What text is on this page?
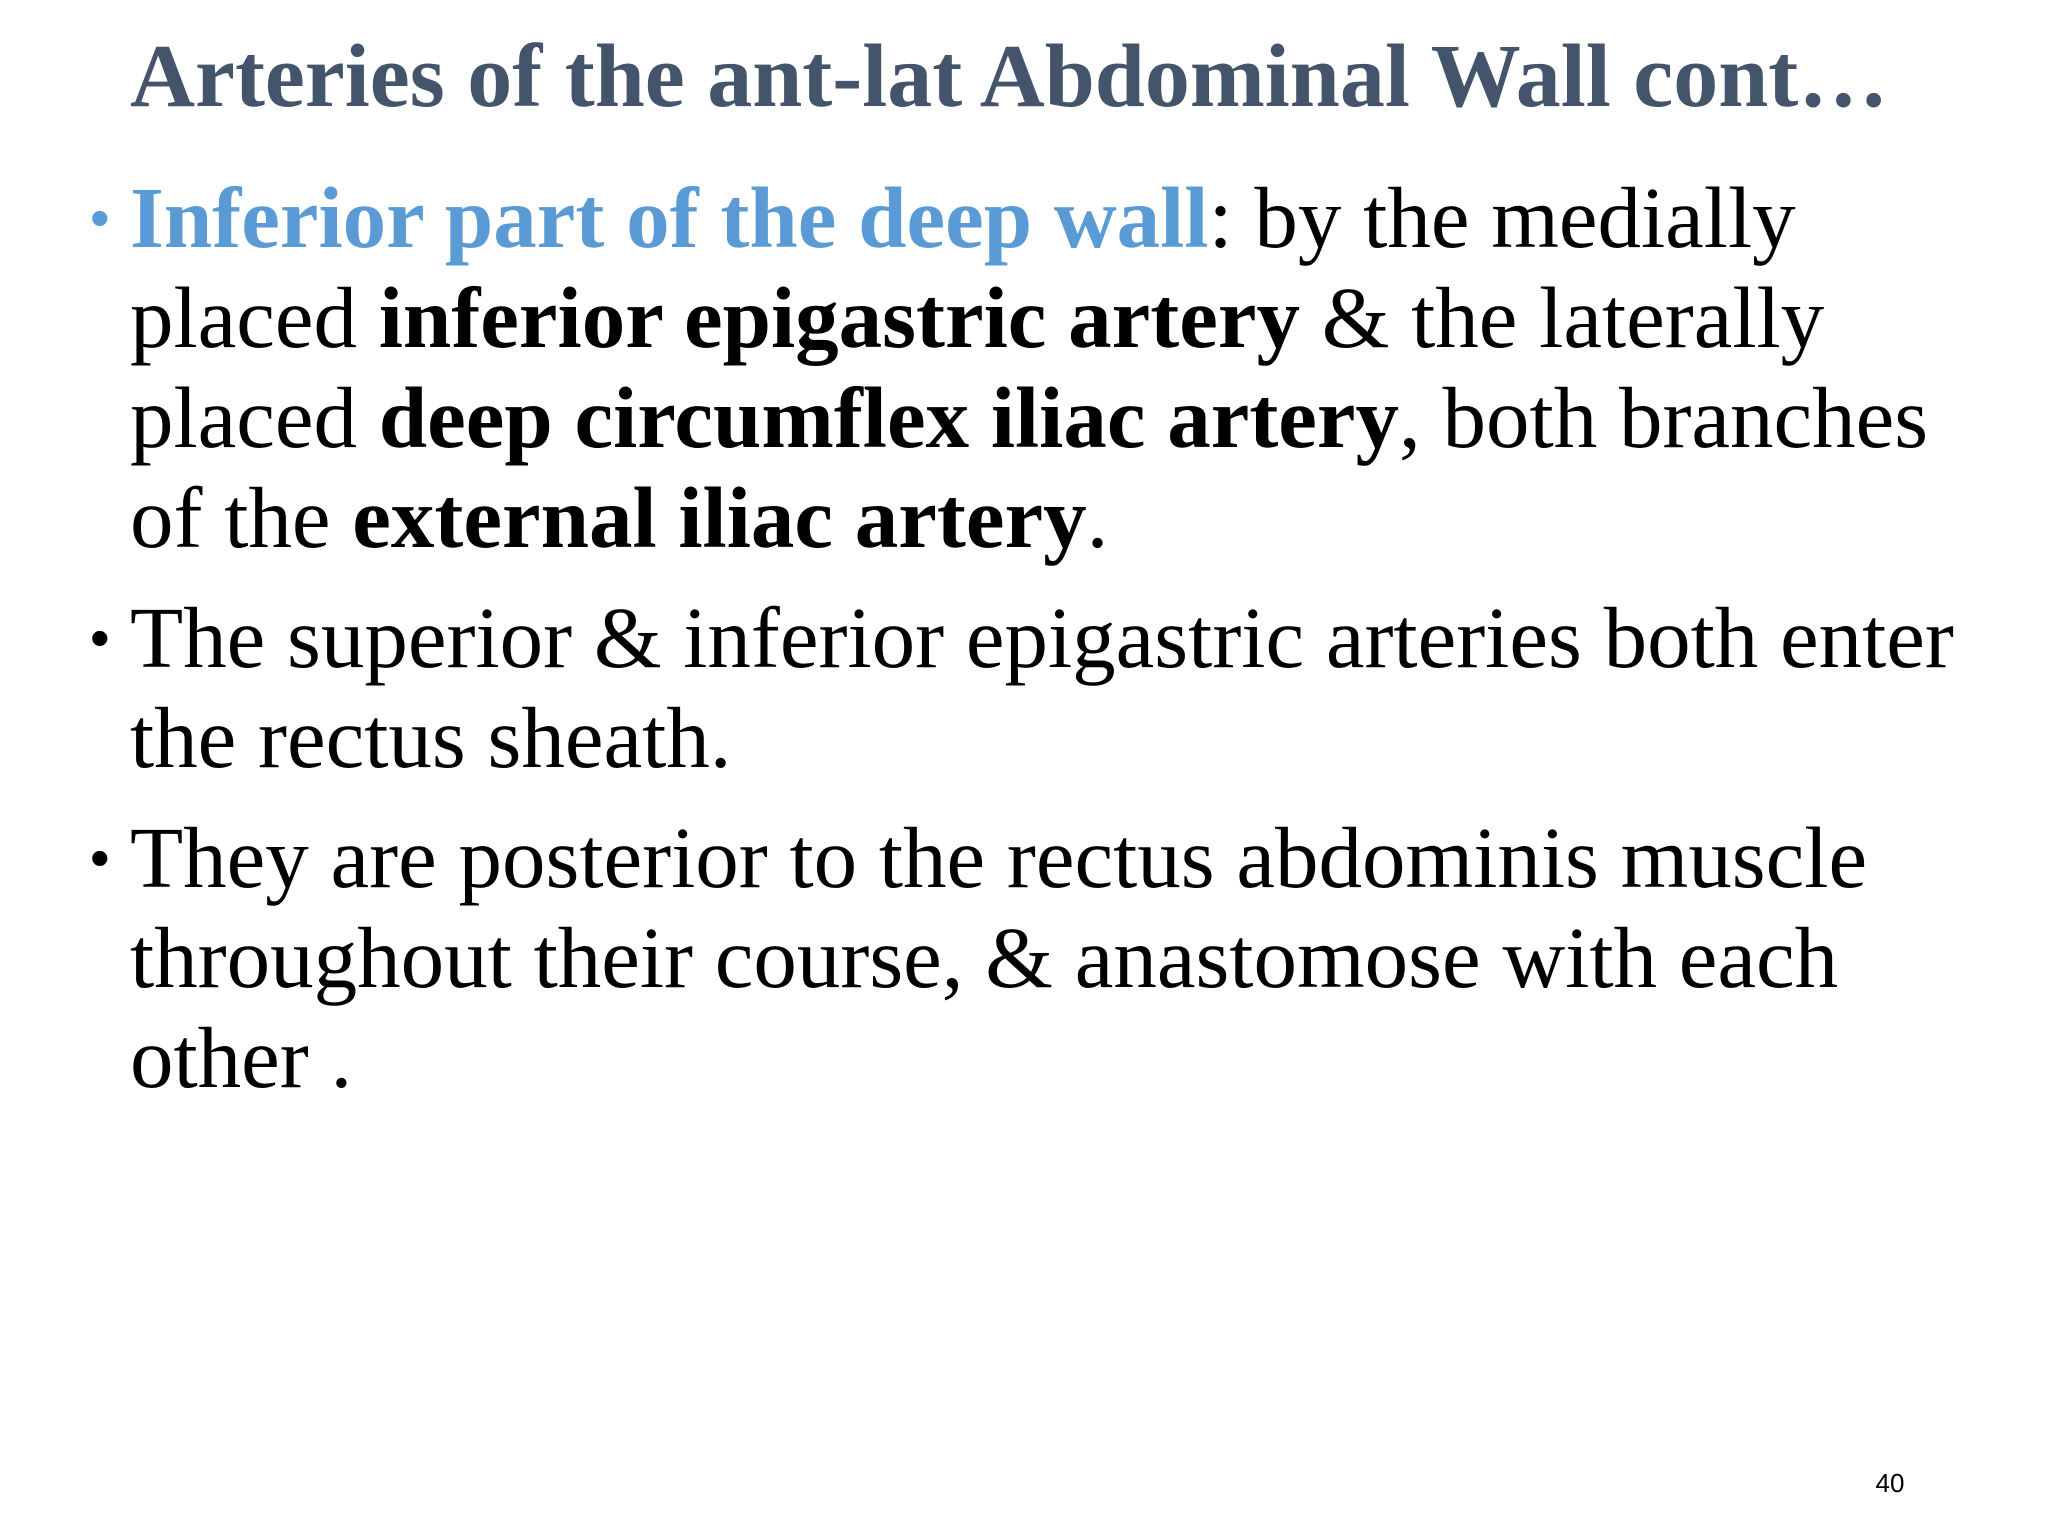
Arteries of the ant-lat Abdominal Wall cont…
• Inferior part of the deep wall: by the medially placed inferior epigastric artery & the laterally placed deep circumflex iliac artery, both branches of the external iliac artery.
• The superior & inferior epigastric arteries both enter the rectus sheath.
• They are posterior to the rectus abdominis muscle throughout their course, & anastomose with each other .
40
